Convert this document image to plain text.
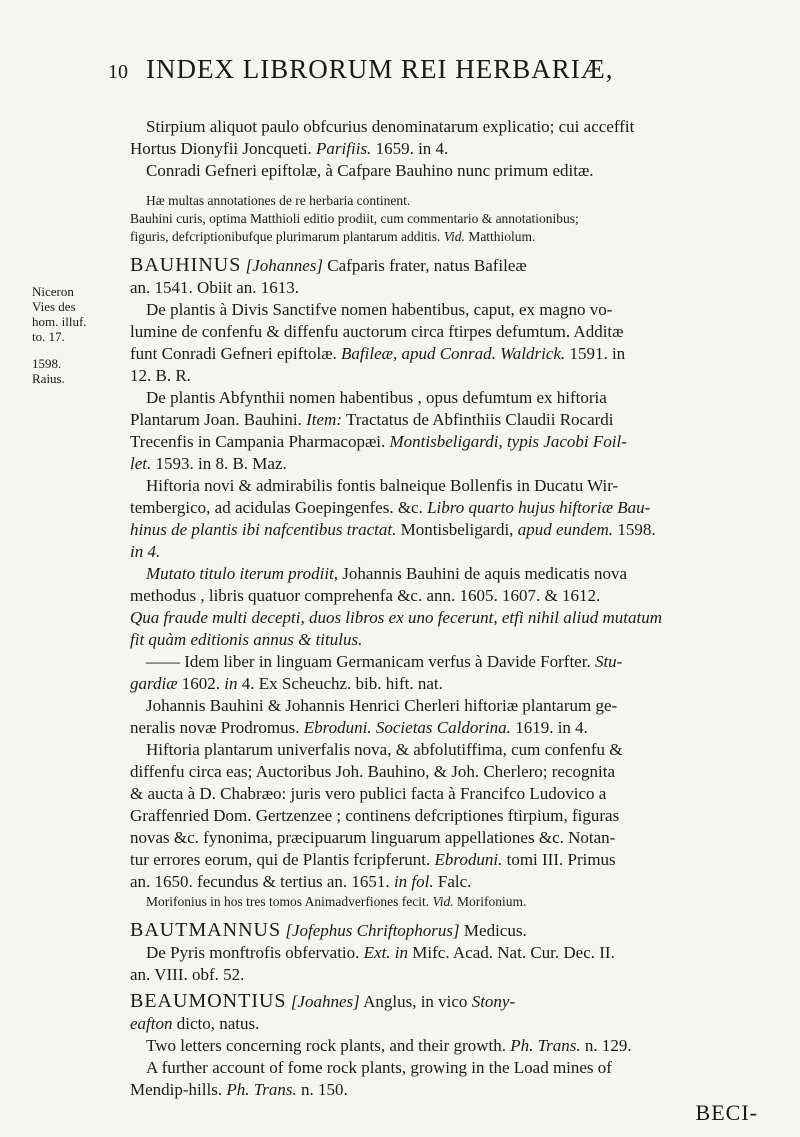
10 INDEX LIBRORUM REI HERBARIÆ,
Niceron
Vies des
hom. illuf.
to. 17.
1598.
Raius.

Stirpium aliquot paulo obfcurius denominatarum explicatio; cui acceffit

Hortus Dionyfii Joncqueti. Parifiis. 1659. in 4.

Conradi Gefneri epiftolæ, à Cafpare Bauhino nunc primum editæ.

Hæ multas annotationes de re herbaria continent.

Bauhini curis, optima Matthioli editio prodiit, cum commentario & annotationibus;

figuris, defcriptionibufque plurimarum plantarum additis. Vid. Matthiolum.

BAUHINUS [Johannes] Cafparis frater, natus Bafileæ

an. 1541. Obiit an. 1613.

De plantis à Divis Sanctifve nomen habentibus, caput, ex magno vo-

lumine de confenfu & diffenfu auctorum circa ftirpes defumtum. Additæ

funt Conradi Gefneri epiftolæ. Bafileæ, apud Conrad. Waldrick. 1591. in

12. B. R.

De plantis Abfynthii nomen habentibus , opus defumtum ex hiftoria

Plantarum Joan. Bauhini. Item: Tractatus de Abfinthiis Claudii Rocardi

Trecenfis in Campania Pharmacopæi. Montisbeligardi, typis Jacobi Foil-

let. 1593. in 8. B. Maz.

Hiftoria novi & admirabilis fontis balneique Bollenfis in Ducatu Wir-

tembergico, ad acidulas Goepingenfes. &c. Libro quarto hujus hiftoriæ Bau-

hinus de plantis ibi nafcentibus tractat. Montisbeligardi, apud eundem. 1598.

in 4.

Mutato titulo iterum prodiit, Johannis Bauhini de aquis medicatis nova

methodus , libris quatuor comprehenfa &c. ann. 1605. 1607. & 1612.

Qua fraude multi decepti, duos libros ex uno fecerunt, etfi nihil aliud mutatum

fit quàm editionis annus & titulus.

—— Idem liber in linguam Germanicam verfus à Davide Forfter. Stu-

gardiæ 1602. in 4. Ex Scheuchz. bib. hift. nat.

Johannis Bauhini & Johannis Henrici Cherleri hiftoriæ plantarum ge-

neralis novæ Prodromus. Ebroduni. Societas Caldorina. 1619. in 4.

Hiftoria plantarum univerfalis nova, & abfolutiffima, cum confenfu &

diffenfu circa eas; Auctoribus Joh. Bauhino, & Joh. Cherlero; recognita

& aucta à D. Chabræo: juris vero publici facta à Francifco Ludovico a

Graffenried Dom. Gertzenzee ; continens defcriptiones ftirpium, figuras

novas &c. fynonima, præcipuarum linguarum appellationes &c. Notan-

tur errores eorum, qui de Plantis fcripferunt. Ebroduni. tomi III. Primus

an. 1650. fecundus & tertius an. 1651. in fol. Falc.

Morifonius in hos tres tomos Animadverfiones fecit. Vid. Morifonium.

BAUTMANNUS [Jofephus Chriftophorus] Medicus.

De Pyris monftrofis obfervatio. Ext. in Mifc. Acad. Nat. Cur. Dec. II.

an. VIII. obf. 52.

BEAUMONTIUS [Joahnes] Anglus, in vico Stony-

eafton dicto, natus.

Two letters concerning rock plants, and their growth. Ph. Trans. n. 129.

A further account of fome rock plants, growing in the Load mines of

Mendip-hills. Ph. Trans. n. 150.

BECI-
